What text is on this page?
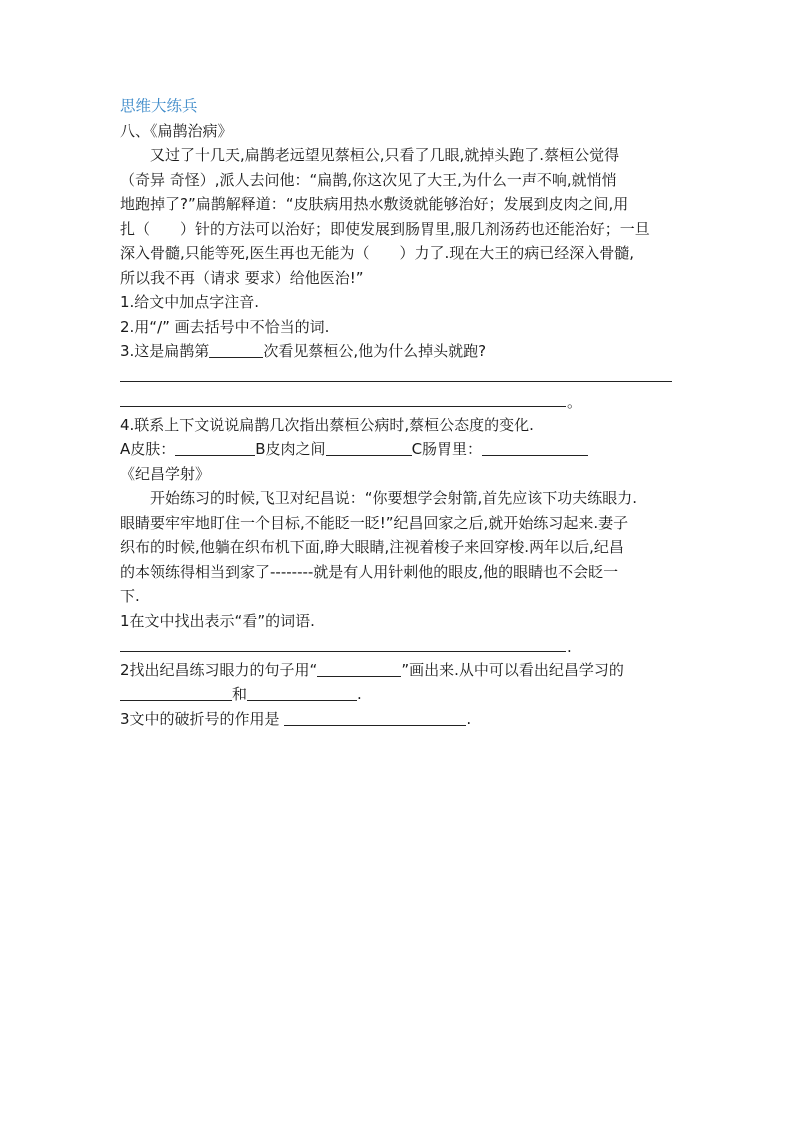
思维大练兵

八、《扁鹊治病》

又过了十几天,扁鹊老远望见蔡桓公,只看了几眼,就掉头跑了.蔡桓公觉得

（奇异 奇怪）,派人去问他：“扁鹊,你这次见了大王,为什么一声不响,就悄悄

地跑掉了?”扁鹊解释道：“皮肤病用热水敷烫就能够治好；发展到皮肉之间,用

扎（　　）针的方法可以治好；即使发展到肠胃里,服几剂汤药也还能治好；一旦

深入骨髓,只能等死,医生再也无能为（　　）力了.现在大王的病已经深入骨髓,

所以我不再（请求 要求）给他医治!”

1.给文中加点字注音.

2.用“/” 画去括号中不恰当的词.

3.这是扁鹊第	次看见蔡桓公,他为什么掉头就跑?

。

4.联系上下文说说扁鹊几次指出蔡桓公病时,蔡桓公态度的变化.

A皮肤：	B皮肉之间	C肠胃里：

《纪昌学射》

开始练习的时候,飞卫对纪昌说：“你要想学会射箭,首先应该下功夫练眼力.

眼睛要牢牢地盯住一个目标,不能眨一眨!”纪昌回家之后,就开始练习起来.妻子

织布的时候,他躺在织布机下面,睁大眼睛,注视着梭子来回穿梭.两年以后,纪昌

的本领练得相当到家了--------就是有人用针刺他的眼皮,他的眼睛也不会眨一

下.

1在文中找出表示“看”的词语.

.

2找出纪昌练习眼力的句子用“	”画出来.从中可以看出纪昌学习的

和	.

3文中的破折号的作用是	.
